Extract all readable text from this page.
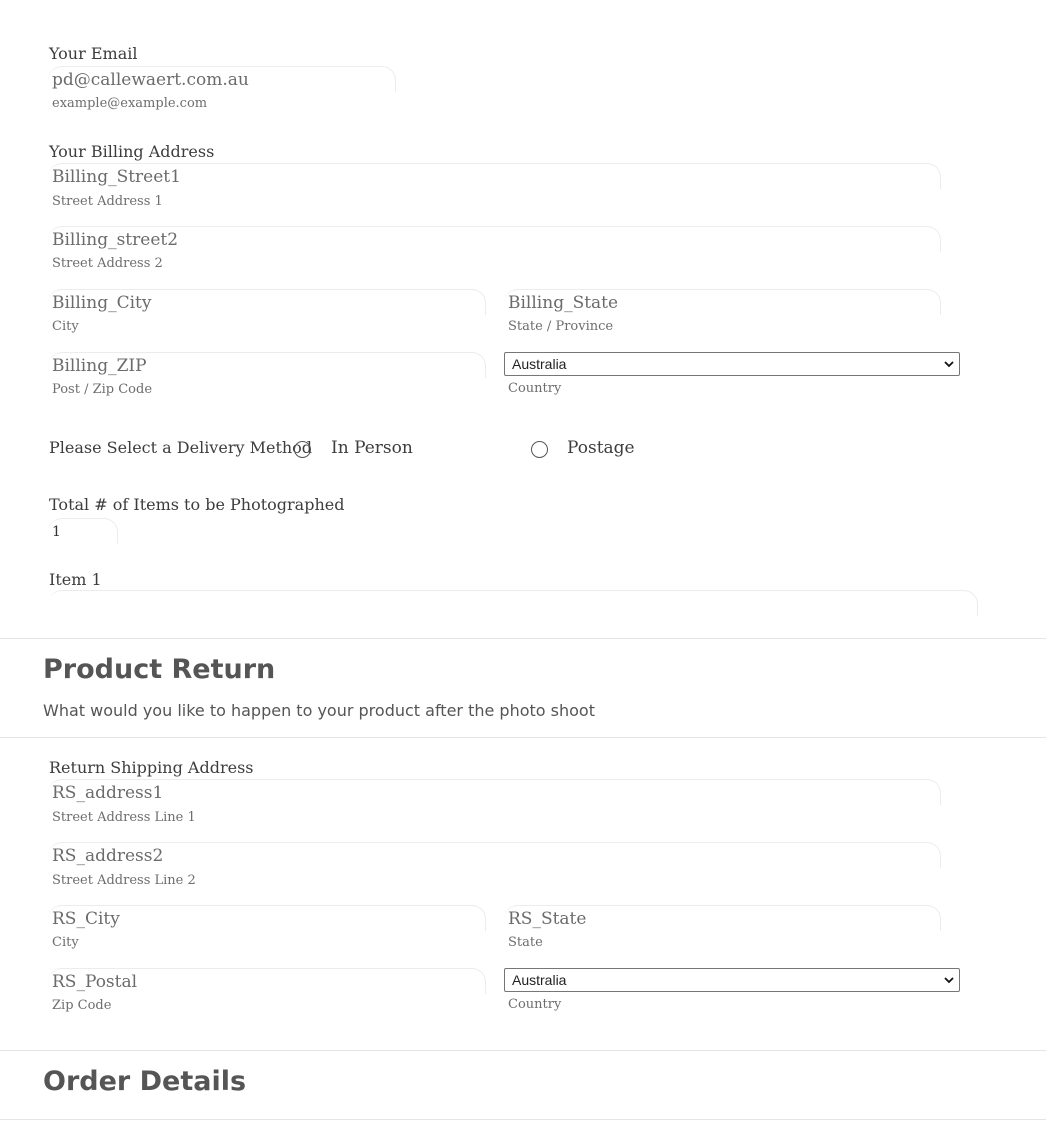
Your Email
pd@callewaert.com.au
example@example.com
Your Billing Address
Billing_Street1
Street Address 1
Billing_street2
Street Address 2
Billing_City
City
Billing_State
State / Province
Billing_ZIP
Post / Zip Code
Australia
Country
Please Select a Delivery Method In Person	Postage
Total # of Items to be Photographed
1
Item 1
Product Return
What would you like to happen to your product after the photo shoot
Return Shipping Address
RS_address1
Street Address Line 1
RS_address2
Street Address Line 2
RS_City
City
RS_State
State
RS_Postal
Zip Code
Australia
Country
Order Details
